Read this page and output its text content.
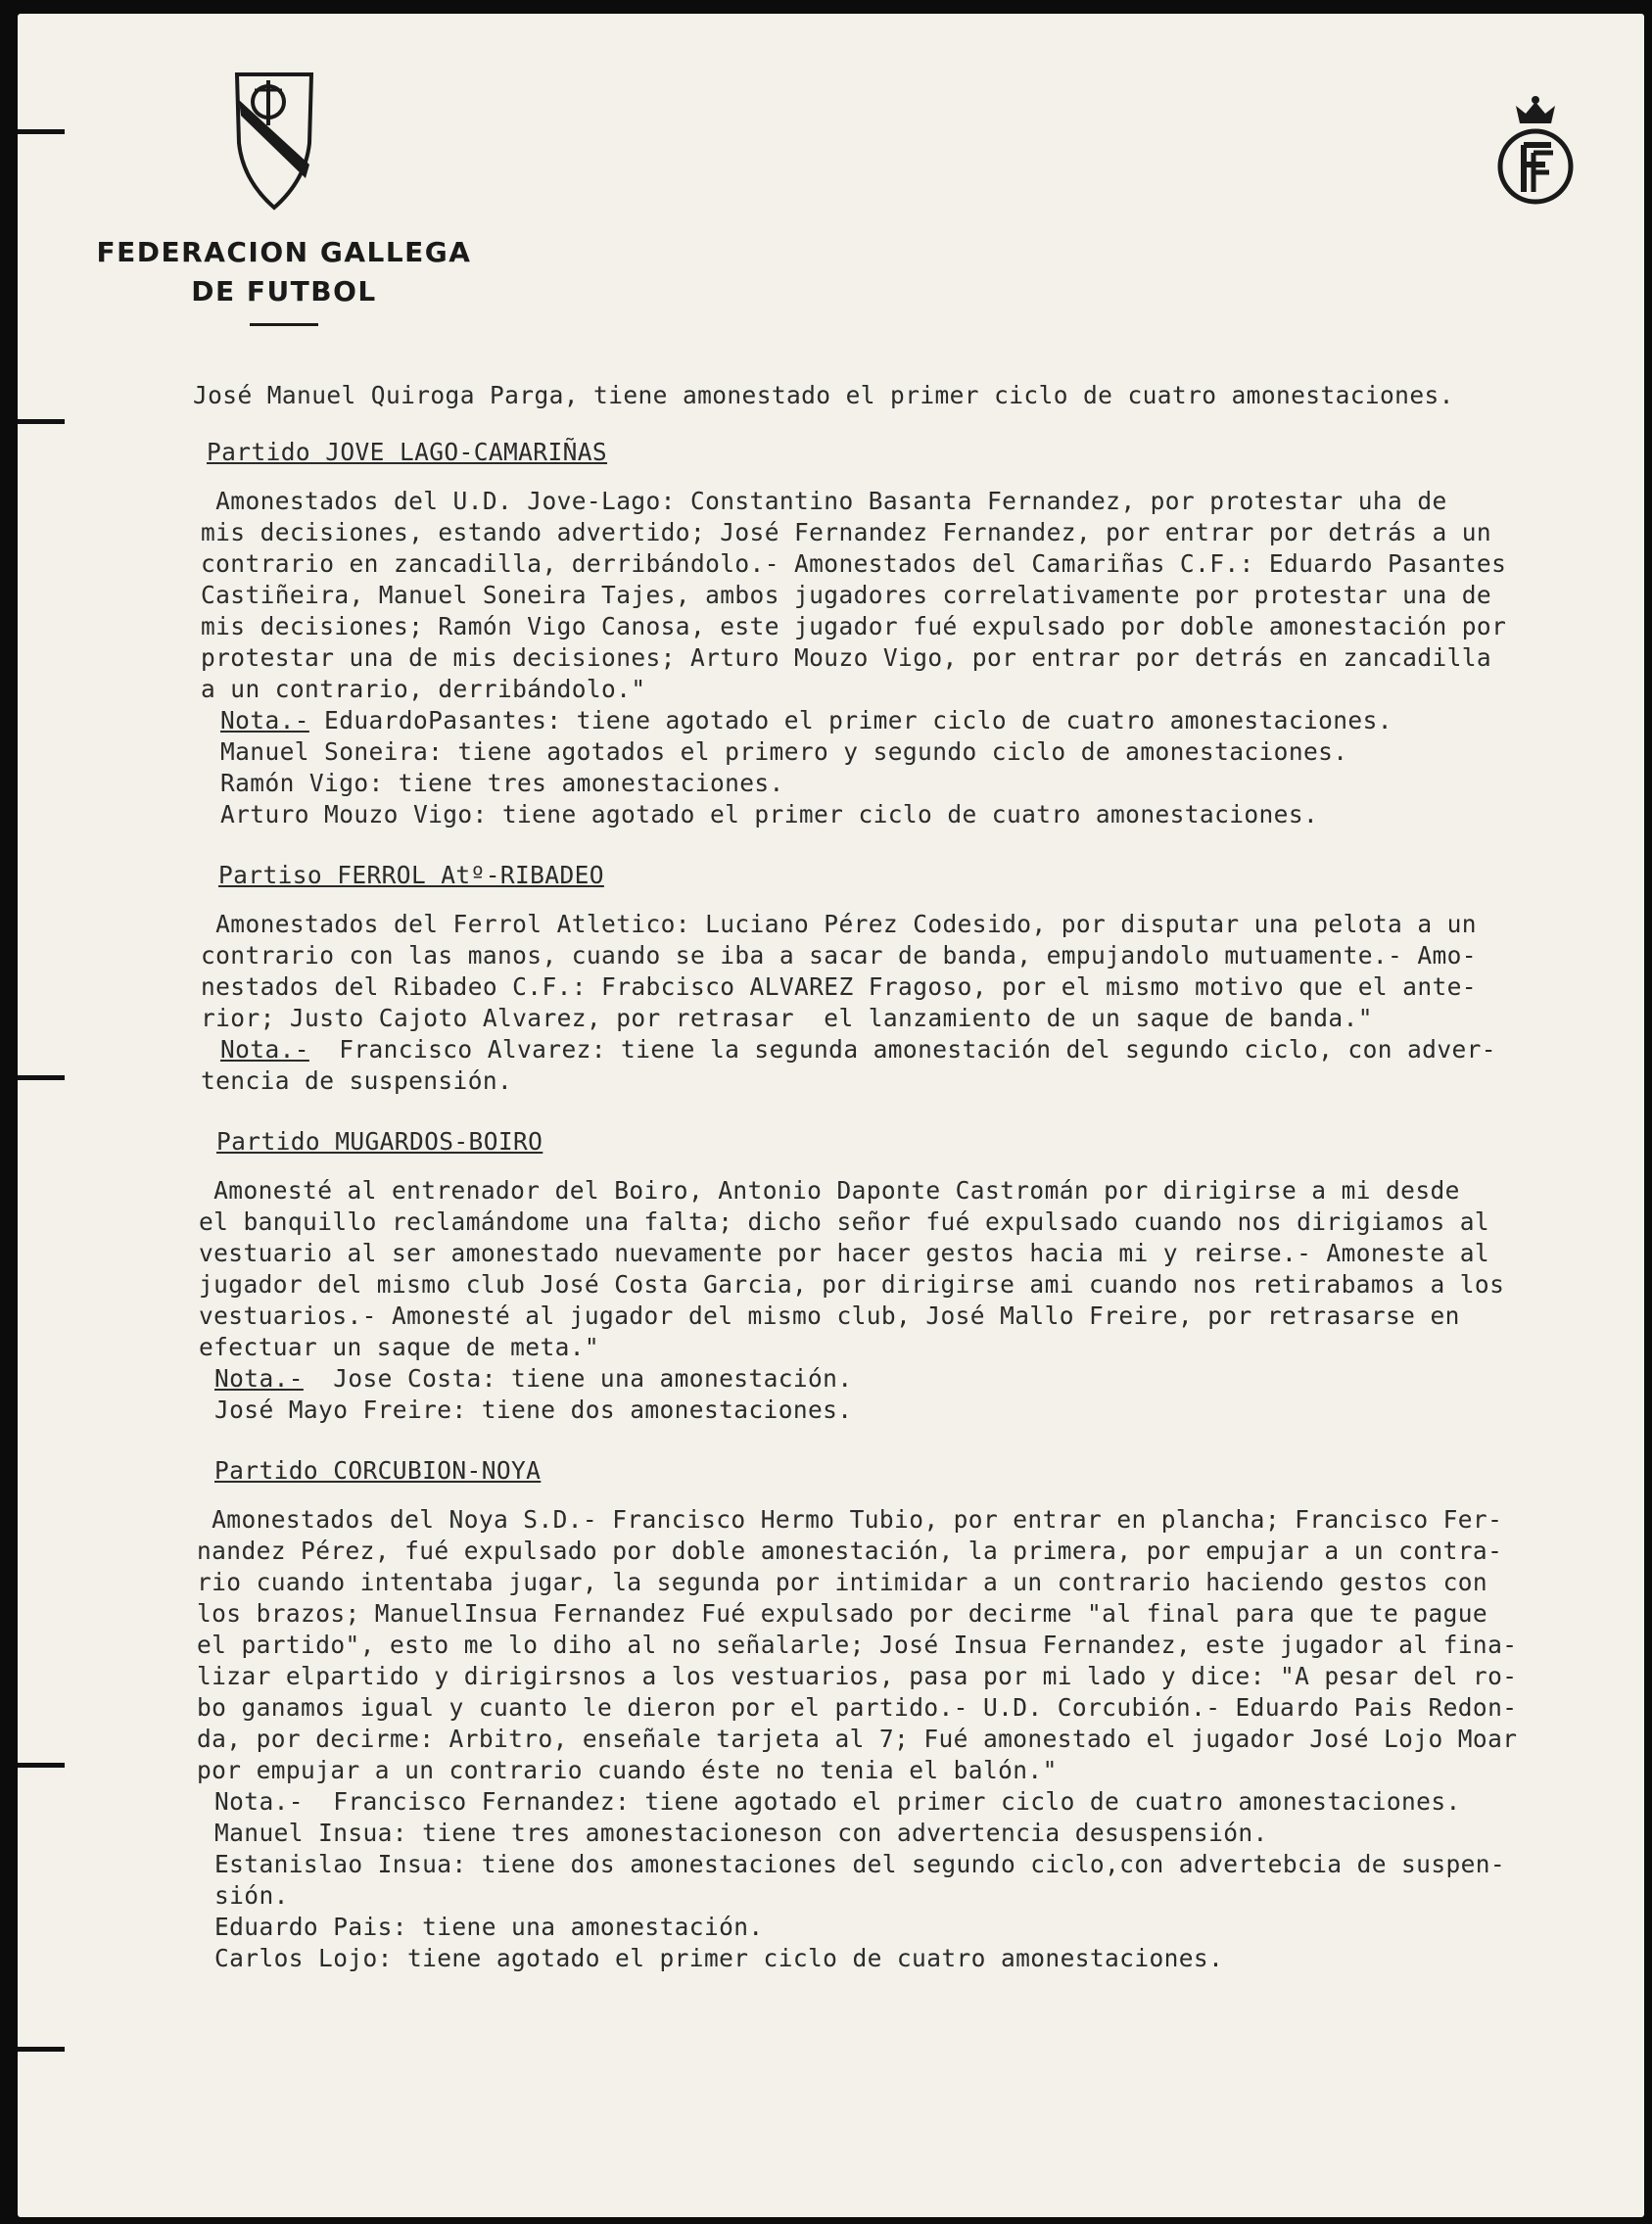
FEDERACION GALLEGA
DE FUTBOL
José Manuel Quiroga Parga, tiene amonestado el primer ciclo de cuatro amonestaciones.
Partido JOVE LAGO-CAMARIÑAS
Amonestados del U.D. Jove-Lago: Constantino Basanta Fernandez, por protestar uha de
mis decisiones, estando advertido; José Fernandez Fernandez, por entrar por detrás a un
contrario en zancadilla, derribándolo.- Amonestados del Camariñas C.F.: Eduardo Pasantes
Castiñeira, Manuel Soneira Tajes, ambos jugadores correlativamente por protestar una de
mis decisiones; Ramón Vigo Canosa, este jugador fué expulsado por doble amonestación por
protestar una de mis decisiones; Arturo Mouzo Vigo, por entrar por detrás en zancadilla
a un contrario, derribándolo."
Nota.- EduardoPasantes: tiene agotado el primer ciclo de cuatro amonestaciones.
Manuel Soneira: tiene agotados el primero y segundo ciclo de amonestaciones.
Ramón Vigo: tiene tres amonestaciones.
Arturo Mouzo Vigo: tiene agotado el primer ciclo de cuatro amonestaciones.
Partiso FERROL Atº-RIBADEO
Amonestados del Ferrol Atletico: Luciano Pérez Codesido, por disputar una pelota a un
contrario con las manos, cuando se iba a sacar de banda, empujandolo mutuamente.- Amo-
nestados del Ribadeo C.F.: Frabcisco ALVAREZ Fragoso, por el mismo motivo que el ante-
rior; Justo Cajoto Alvarez, por retrasar  el lanzamiento de un saque de banda."
Nota.-  Francisco Alvarez: tiene la segunda amonestación del segundo ciclo, con adver-
tencia de suspensión.
Partido MUGARDOS-BOIRO
Amonesté al entrenador del Boiro, Antonio Daponte Castromán por dirigirse a mi desde
el banquillo reclamándome una falta; dicho señor fué expulsado cuando nos dirigiamos al
vestuario al ser amonestado nuevamente por hacer gestos hacia mi y reirse.- Amoneste al
jugador del mismo club José Costa Garcia, por dirigirse ami cuando nos retirabamos a los
vestuarios.- Amonesté al jugador del mismo club, José Mallo Freire, por retrasarse en
efectuar un saque de meta."
Nota.-  Jose Costa: tiene una amonestación.
José Mayo Freire: tiene dos amonestaciones.
Partido CORCUBION-NOYA
Amonestados del Noya S.D.- Francisco Hermo Tubio, por entrar en plancha; Francisco Fer-
nandez Pérez, fué expulsado por doble amonestación, la primera, por empujar a un contra-
rio cuando intentaba jugar, la segunda por intimidar a un contrario haciendo gestos con
los brazos; ManuelInsua Fernandez Fué expulsado por decirme "al final para que te pague
el partido", esto me lo diho al no señalarle; José Insua Fernandez, este jugador al fina-
lizar elpartido y dirigirsnos a los vestuarios, pasa por mi lado y dice: "A pesar del ro-
bo ganamos igual y cuanto le dieron por el partido.- U.D. Corcubión.- Eduardo Pais Redon-
da, por decirme: Arbitro, enseñale tarjeta al 7; Fué amonestado el jugador José Lojo Moar
por empujar a un contrario cuando éste no tenia el balón."
Nota.-  Francisco Fernandez: tiene agotado el primer ciclo de cuatro amonestaciones.
Manuel Insua: tiene tres amonestacioneson con advertencia desuspensión.
Estanislao Insua: tiene dos amonestaciones del segundo ciclo,con advertebcia de suspen-
sión.
Eduardo Pais: tiene una amonestación.
Carlos Lojo: tiene agotado el primer ciclo de cuatro amonestaciones.
